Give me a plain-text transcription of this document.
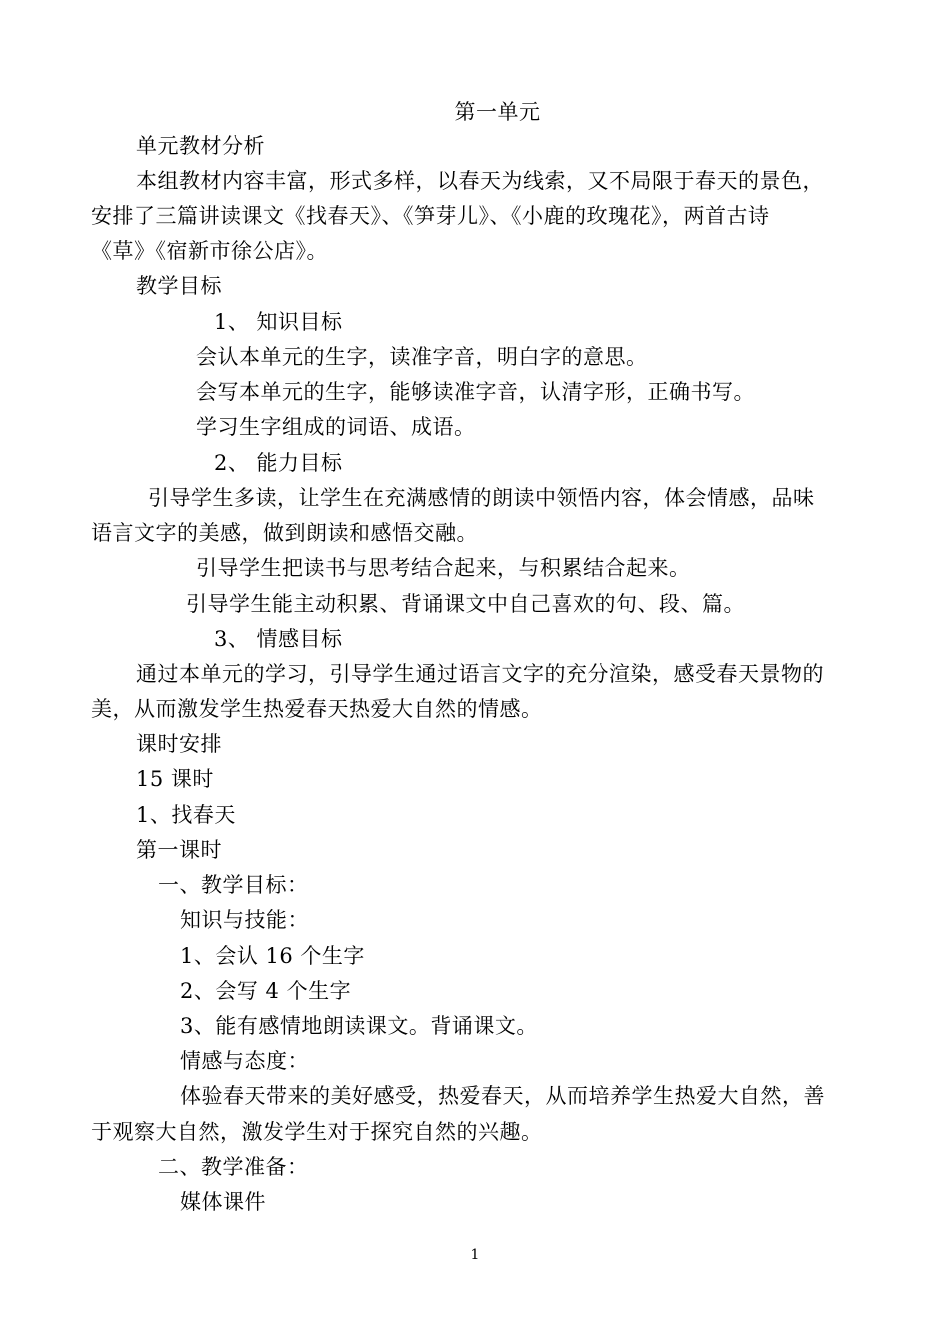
第一单元
单元教材分析
本组教材内容丰富，形式多样，以春天为线索，又不局限于春天的景色，
安排了三篇讲读课文《找春天》、《笋芽儿》、《小鹿的玫瑰花》，两首古诗
《草》《宿新市徐公店》。
教学目标
1、 知识目标
会认本单元的生字，读准字音，明白字的意思。
会写本单元的生字，能够读准字音，认清字形，正确书写。
学习生字组成的词语、成语。
2、 能力目标
引导学生多读，让学生在充满感情的朗读中领悟内容，体会情感，品味
语言文字的美感，做到朗读和感悟交融。
引导学生把读书与思考结合起来，与积累结合起来。
引导学生能主动积累、背诵课文中自己喜欢的句、段、篇。
3、 情感目标
通过本单元的学习，引导学生通过语言文字的充分渲染，感受春天景物的
美，从而激发学生热爱春天热爱大自然的情感。
课时安排
15 课时
1、找春天
第一课时
一、教学目标：
知识与技能：
1、会认 16 个生字
2、会写 4 个生字
3、能有感情地朗读课文。背诵课文。
情感与态度：
体验春天带来的美好感受，热爱春天，从而培养学生热爱大自然，善
于观察大自然，激发学生对于探究自然的兴趣。
二、教学准备：
媒体课件
1
